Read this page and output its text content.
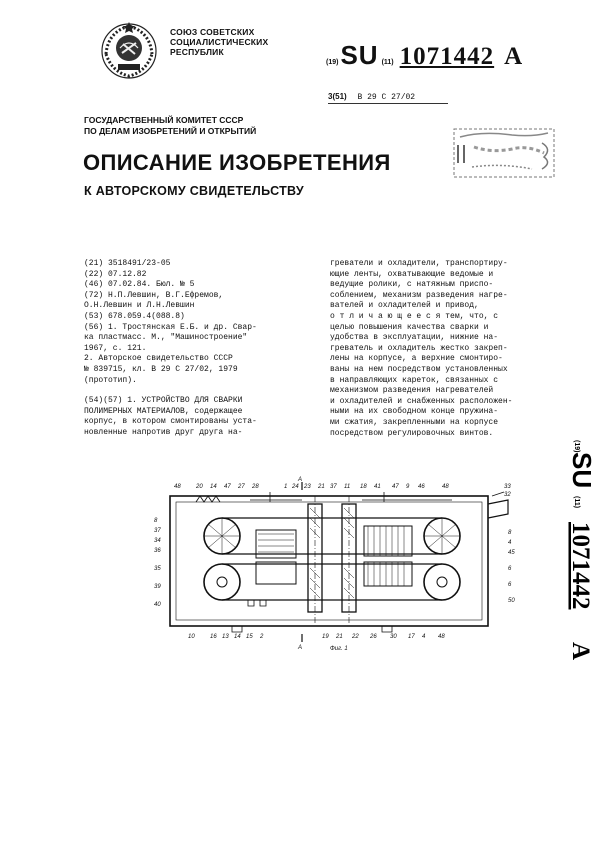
СОЮЗ СОВЕТСКИХ
СОЦИАЛИСТИЧЕСКИХ
РЕСПУБЛИК
(19) SU (11) 1071442 A
3(51) В 29 С 27/02
ГОСУДАРСТВЕННЫЙ КОМИТЕТ СССР
ПО ДЕЛАМ ИЗОБРЕТЕНИЙ И ОТКРЫТИЙ
ОПИСАНИЕ ИЗОБРЕТЕНИЯ
К АВТОРСКОМУ СВИДЕТЕЛЬСТВУ
(21) 3518491/23-05
(22) 07.12.82
(46) 07.02.84. Бюл. № 5
(72) Н.П.Левшин, В.Г.Ефремов,
О.Н.Левшин и Л.Н.Левшин
(53) 678.059.4(088.8)
(56) 1. Тростянская Е.Б. и др. Свар-
ка пластмасс. М., "Машиностроение"
1967, с. 121.
2. Авторское свидетельство СССР
№ 839715, кл. В 29 С 27/02, 1979
(прототип).
(54)(57) 1. УСТРОЙСТВО ДЛЯ СВАРКИ
ПОЛИМЕРНЫХ МАТЕРИАЛОВ, содержащее
корпус, в котором смонтированы уста-
новленные напротив друг друга на-
греватели и охладители, транспортиру-
ющие ленты, охватывающие ведомые и
ведущие ролики, с натяжным приспо-
соблением, механизм разведения нагре-
вателей и охладителей и привод,
о т л и ч а ю щ е е с я тем, что, с
целью повышения качества сварки и
удобства в эксплуатации, нижние на-
греватель и охладитель жестко закреп-
лены на корпусе, а верхние смонтиро-
ваны на нем посредством установленных
в направляющих кареток, связанных с
механизмом разведения нагревателей
и охладителей и снабженных расположен-
ными на их свободном конце пружина-
ми сжатия, закрепленными на корпусе
посредством регулировочных винтов.
(19)
SU
(11)
1071442
A
А
А
48	20 14 47 27 28	1 24 23 21 37 11 18 41 47 9 46	48
8
37
34
36
35
39
40
33
32
8
4
45
6
6
50
10	16 13 14 15 2	19 21 22 26 30 17 4 48
Фиг. 1
